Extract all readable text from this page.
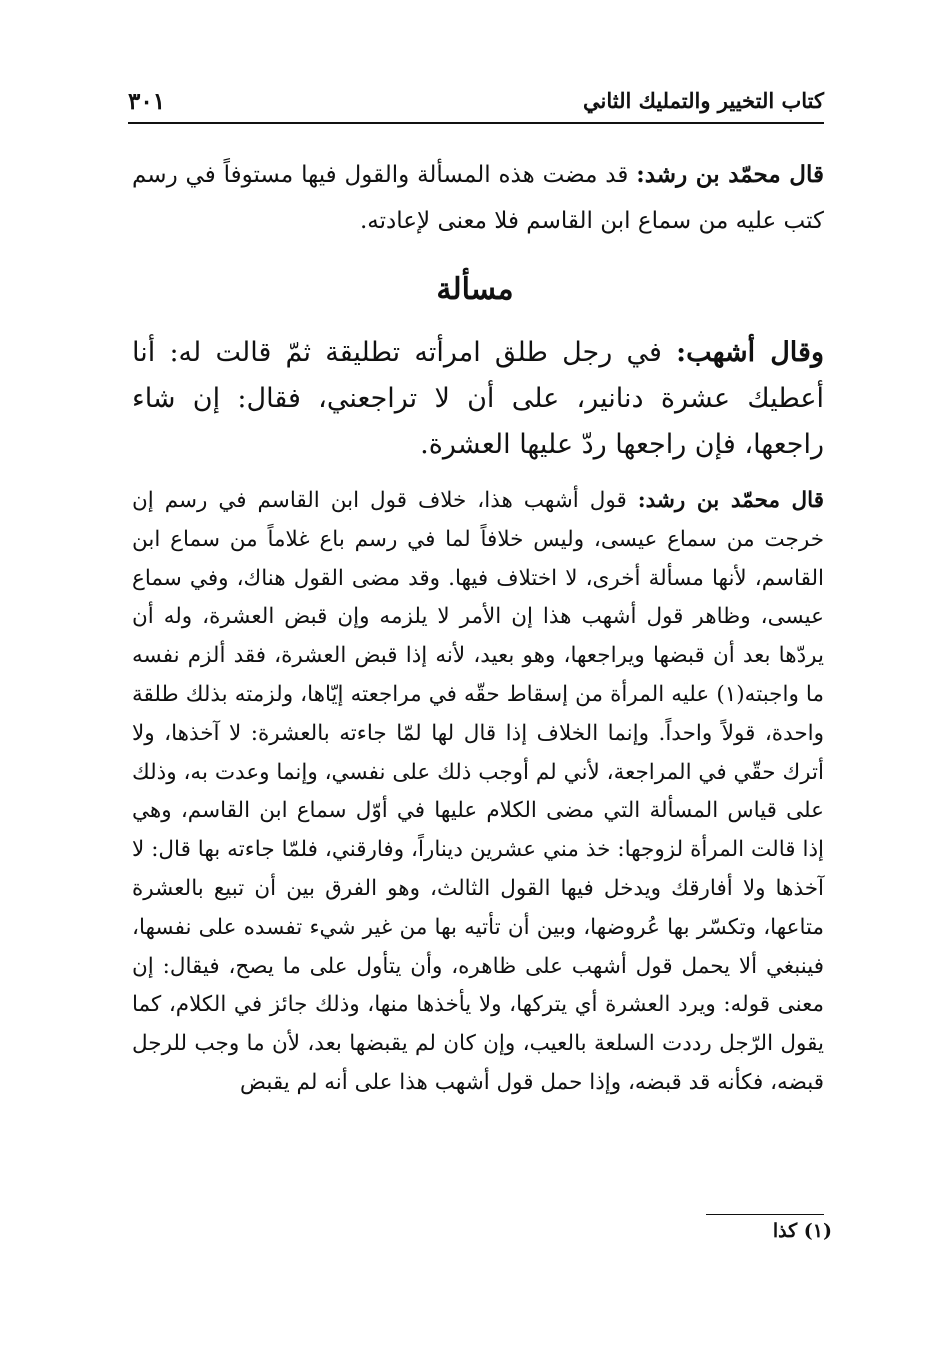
كتاب التخيير والتمليك الثاني
٣٠١

قال محمّد بن رشد: قد مضت هذه المسألة والقول فيها مستوفاً في رسم كتب عليه من سماع ابن القاسم فلا معنى لإعادته.

مسألة

وقال أشهب: في رجل طلق امرأته تطليقة ثمّ قالت له: أنا أعطيك عشرة دنانير، على أن لا تراجعني، فقال: إن شاء راجعها، فإن راجعها ردّ عليها العشرة.

قال محمّد بن رشد: قول أشهب هذا، خلاف قول ابن القاسم في رسم إن خرجت من سماع عيسى، وليس خلافاً لما في رسم باع غلاماً من سماع ابن القاسم، لأنها مسألة أخرى، لا اختلاف فيها. وقد مضى القول هناك، وفي سماع عيسى، وظاهر قول أشهب هذا إن الأمر لا يلزمه وإن قبض العشرة، وله أن يردّها بعد أن قبضها ويراجعها، وهو بعيد، لأنه إذا قبض العشرة، فقد ألزم نفسه ما واجبته(١) عليه المرأة من إسقاط حقّه في مراجعته إيّاها، ولزمته بذلك طلقة واحدة، قولاً واحداً. وإنما الخلاف إذا قال لها لمّا جاءته بالعشرة: لا آخذها، ولا أترك حقّي في المراجعة، لأني لم أوجب ذلك على نفسي، وإنما وعدت به، وذلك على قياس المسألة التي مضى الكلام عليها في أوّل سماع ابن القاسم، وهي إذا قالت المرأة لزوجها: خذ مني عشرين ديناراً، وفارقني، فلمّا جاءته بها قال: لا آخذها ولا أفارقك ويدخل فيها القول الثالث، وهو الفرق بين أن تبيع بالعشرة متاعها، وتكسّر بها عُروضها، وبين أن تأتيه بها من غير شيء تفسده على نفسها، فينبغي ألا يحمل قول أشهب على ظاهره، وأن يتأول على ما يصح، فيقال: إن معنى قوله: ويرد العشرة أي يتركها، ولا يأخذها منها، وذلك جائز في الكلام، كما يقول الرّجل رددت السلعة بالعيب، وإن كان لم يقبضها بعد، لأن ما وجب للرجل قبضه، فكأنه قد قبضه، وإذا حمل قول أشهب هذا على أنه لم يقبض

(١) كذا
